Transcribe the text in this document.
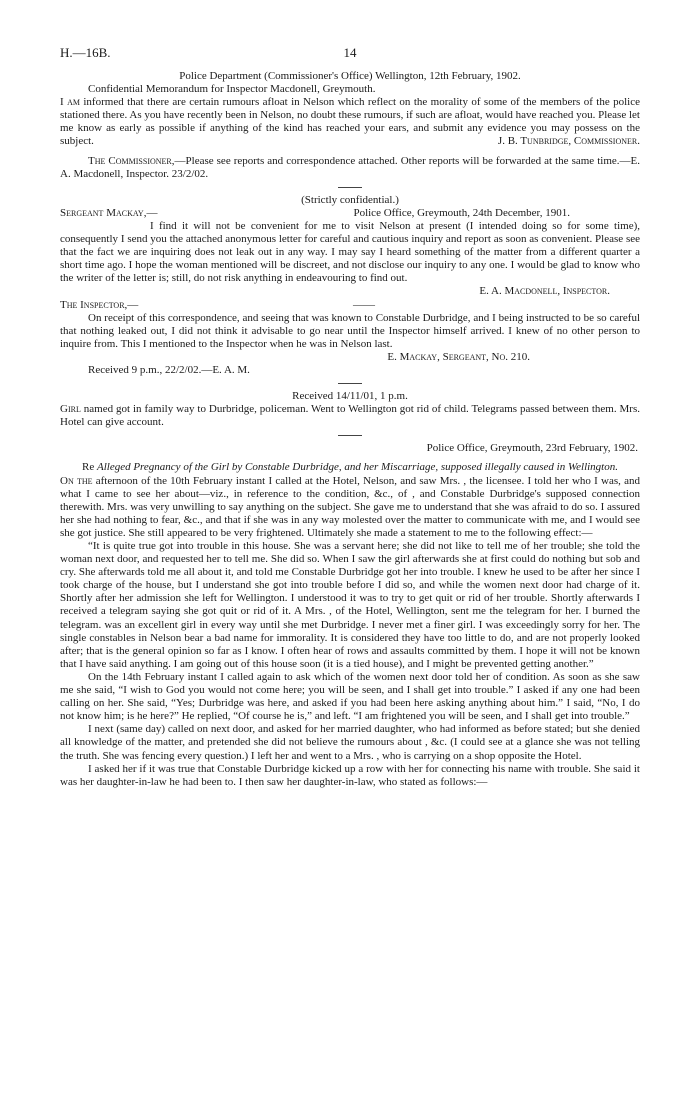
H.—16B.	14

Police Department (Commissioner's Office) Wellington, 12th February, 1902.

Confidential Memorandum for Inspector Macdonell, Greymouth.

I am informed that there are certain rumours afloat in Nelson which reflect on the morality of some of the members of the police stationed there. As you have recently been in Nelson, no doubt these rumours, if such are afloat, would have reached you. Please let me know as early as possible if anything of the kind has reached your ears, and submit any evidence you may possess on the subject.	J. B. Tunbridge, Commissioner.

The Commissioner,—Please see reports and correspondence attached. Other reports will be forwarded at the same time.—E. A. Macdonell, Inspector. 23/2/02.

(Strictly confidential.)

Sergeant Mackay,—	Police Office, Greymouth, 24th December, 1901.

I find it will not be convenient for me to visit Nelson at present (I intended doing so for some time), consequently I send you the attached anonymous letter for careful and cautious inquiry and report as soon as convenient. Please see that the fact we are inquiring does not leak out in any way. I may say I heard something of the matter from a different quarter a short time ago. I hope the woman mentioned will be discreet, and not disclose our inquiry to any one. I would be glad to know who the writer of the letter is; still, do not risk anything in endeavouring to find out.

E. A. Macdonell, Inspector.

The Inspector,—	——

On receipt of this correspondence, and seeing that was known to Constable Durbridge, and I being instructed to be so careful that nothing leaked out, I did not think it advisable to go near until the Inspector himself arrived. I knew of no other person to inquire from. This I mentioned to the Inspector when he was in Nelson last.

E. Mackay, Sergeant, No. 210.

Received 9 p.m., 22/2/02.—E. A. M.

Received 14/11/01, 1 p.m.

Girl named got in family way to Durbridge, policeman. Went to Wellington got rid of child. Telegrams passed between them. Mrs. Hotel can give account.

Police Office, Greymouth, 23rd February, 1902.

Re Alleged Pregnancy of the Girl by Constable Durbridge, and her Miscarriage, supposed illegally caused in Wellington.

On the afternoon of the 10th February instant I called at the Hotel, Nelson, and saw Mrs. , the licensee. I told her who I was, and what I came to see her about—viz., in reference to the condition, &c., of , and Constable Durbridge's supposed connection therewith. Mrs. was very unwilling to say anything on the subject. She gave me to understand that she was afraid to do so. I assured her she had nothing to fear, &c., and that if she was in any way molested over the matter to communicate with me, and I would see she got justice. She still appeared to be very frightened. Ultimately she made a statement to me to the following effect:—

“It is quite true got into trouble in this house. She was a servant here; she did not like to tell me of her trouble; she told the woman next door, and requested her to tell me. She did so. When I saw the girl afterwards she at first could do nothing but sob and cry. She afterwards told me all about it, and told me Constable Durbridge got her into trouble. I knew he used to be after her since I took charge of the house, but I understand she got into trouble before I did so, and while the women next door had charge of it. Shortly after her admission she left for Wellington. I understood it was to try to get quit or rid of her trouble. Shortly afterwards I received a telegram saying she got quit or rid of it. A Mrs. , of the Hotel, Wellington, sent me the telegram for her. I burned the telegram. was an excellent girl in every way until she met Durbridge. I never met a finer girl. I was exceedingly sorry for her. The single constables in Nelson bear a bad name for immorality. It is considered they have too little to do, and are not properly looked after; that is the general opinion so far as I know. I often hear of rows and assaults committed by them. I hope it will not be known that I have said anything. I am going out of this house soon (it is a tied house), and I might be prevented getting another.”

On the 14th February instant I called again to ask which of the women next door told her of condition. As soon as she saw me she said, “I wish to God you would not come here; you will be seen, and I shall get into trouble.” I asked if any one had been calling on her. She said, “Yes; Durbridge was here, and asked if you had been here asking anything about him.” I said, “No, I do not know him; is he here?” He replied, “Of course he is,” and left. “I am frightened you will be seen, and I shall get into trouble.”

I next (same day) called on next door, and asked for her married daughter, who had informed as before stated; but she denied all knowledge of the matter, and pretended she did not believe the rumours about , &c. (I could see at a glance she was not telling the truth. She was fencing every question.) I left her and went to a Mrs. , who is carrying on a shop opposite the Hotel.

I asked her if it was true that Constable Durbridge kicked up a row with her for connecting his name with trouble. She said it was her daughter-in-law he had been to. I then saw her daughter-in-law, who stated as follows:—
